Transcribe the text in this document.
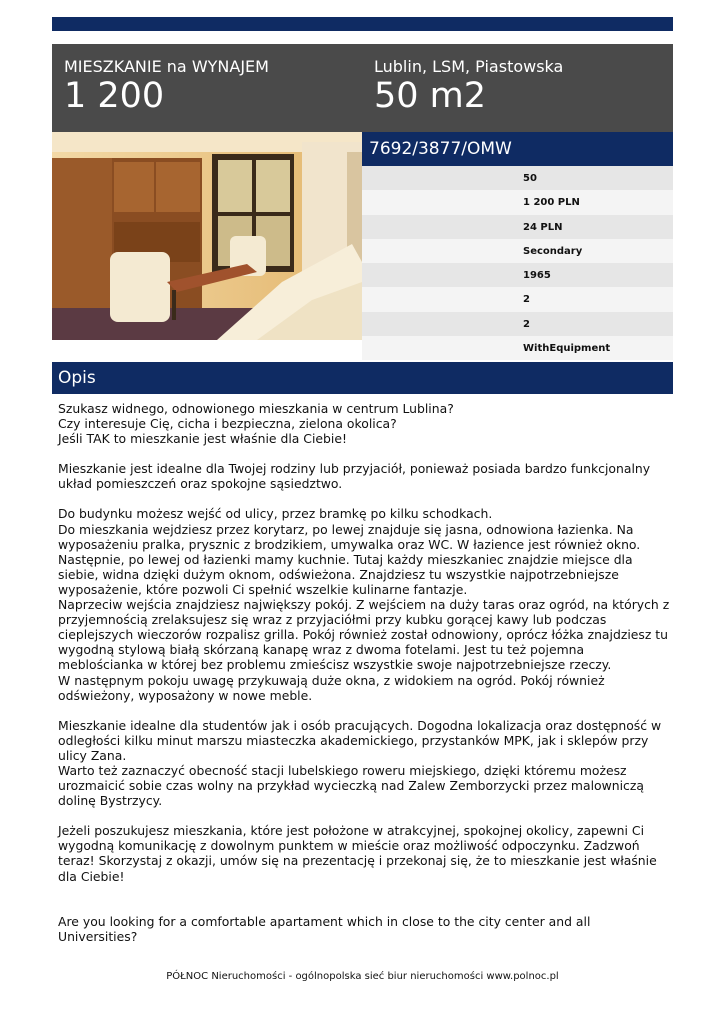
MIESZKANIE na WYNAJEM
1 200
Lublin, LSM, Piastowska
50 m2
7692/3877/OMW
50
1 200 PLN
24 PLN
Secondary
1965
2
2
WithEquipment
Opis

Szukasz widnego, odnowionego mieszkania w centrum Lublina?

Czy interesuje Cię, cicha i bezpieczna, zielona okolica?

Jeśli TAK to mieszkanie jest właśnie dla Ciebie!

Mieszkanie jest idealne dla Twojej rodziny lub przyjaciół, ponieważ posiada bardzo funkcjonalny układ pomieszczeń oraz spokojne sąsiedztwo.

Do budynku możesz wejść od ulicy, przez bramkę po kilku schodkach.

Do mieszkania wejdziesz przez korytarz, po lewej znajduje się jasna, odnowiona łazienka. Na wyposażeniu pralka, prysznic z brodzikiem, umywalka oraz WC. W łazience jest również okno.

Następnie, po lewej od łazienki mamy kuchnie. Tutaj każdy mieszkaniec znajdzie miejsce dla siebie, widna dzięki dużym oknom, odświeżona. Znajdziesz tu wszystkie najpotrzebniejsze wyposażenie, które pozwoli Ci spełnić wszelkie kulinarne fantazje.

Naprzeciw wejścia znajdziesz największy pokój. Z wejściem na duży taras oraz ogród, na których z przyjemnością zrelaksujesz się wraz z przyjaciółmi przy kubku gorącej kawy lub podczas cieplejszych wieczorów rozpalisz grilla. Pokój również został odnowiony, oprócz łóżka znajdziesz tu wygodną stylową białą skórzaną kanapę wraz z dwoma fotelami. Jest tu też pojemna meblościanka w której bez problemu zmieścisz wszystkie swoje najpotrzebniejsze rzeczy.

W następnym pokoju uwagę przykuwają duże okna, z widokiem na ogród. Pokój również odświeżony, wyposażony w nowe meble.

Mieszkanie idealne dla studentów jak i osób pracujących. Dogodna lokalizacja oraz dostępność w odległości kilku minut marszu miasteczka akademickiego, przystanków MPK, jak i sklepów przy ulicy Zana.

Warto też zaznaczyć obecność stacji lubelskiego roweru miejskiego, dzięki któremu możesz urozmaicić sobie czas wolny na przykład wycieczką nad Zalew Zemborzycki przez malowniczą dolinę Bystrzycy.

Jeżeli poszukujesz mieszkania, które jest położone w atrakcyjnej, spokojnej okolicy, zapewni Ci wygodną komunikację z dowolnym punktem w mieście oraz możliwość odpoczynku. Zadzwoń teraz! Skorzystaj z okazji, umów się na prezentację i przekonaj się, że to mieszkanie jest właśnie dla Ciebie!

Are you looking for a comfortable apartament which in close to the city center and all Universities?

PÓŁNOC Nieruchomości - ogólnopolska sieć biur nieruchomości www.polnoc.pl
